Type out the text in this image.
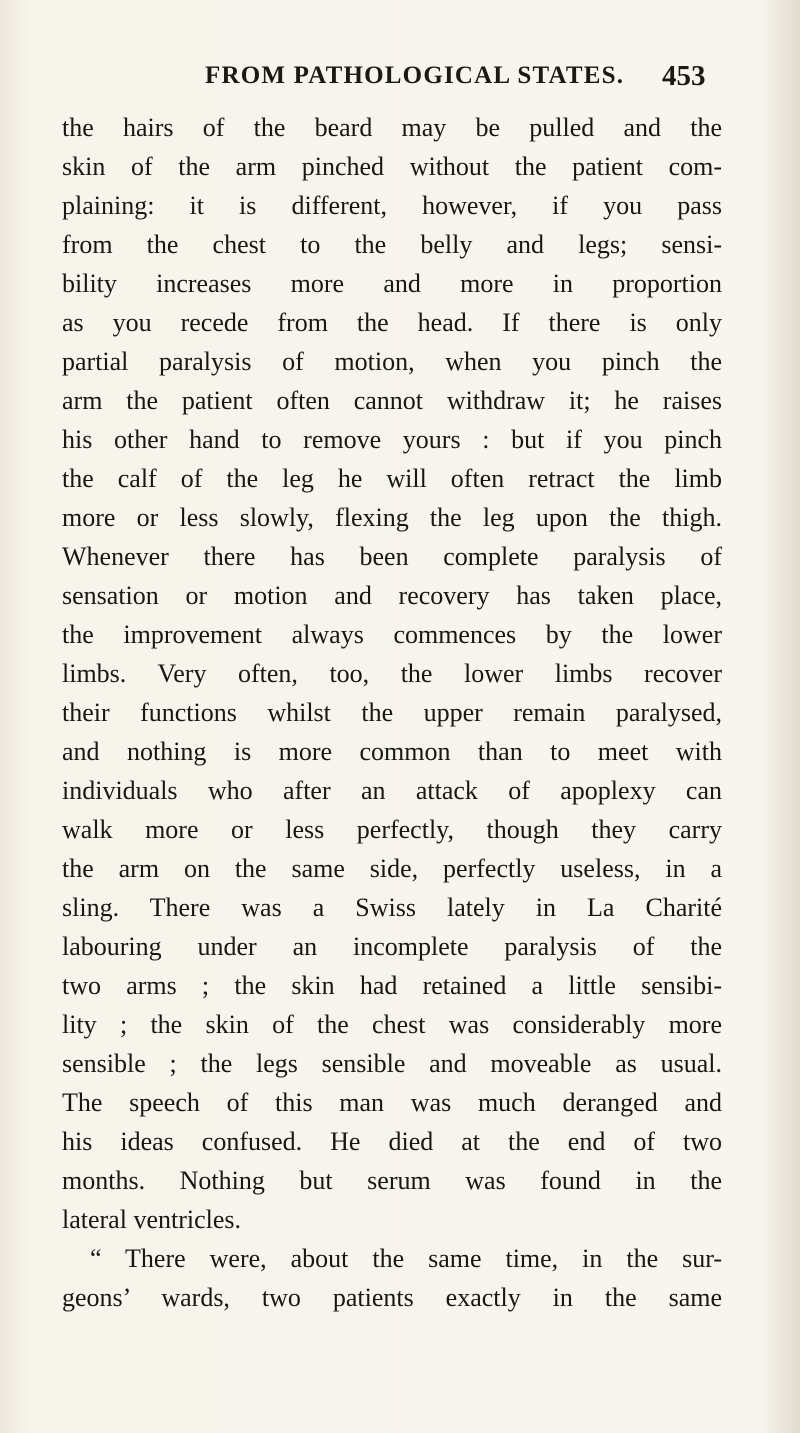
FROM PATHOLOGICAL STATES. 453
the hairs of the beard may be pulled and the
skin of the arm pinched without the patient com-
plaining: it is different, however, if you pass
from the chest to the belly and legs; sensi-
bility increases more and more in proportion
as you recede from the head. If there is only
partial paralysis of motion, when you pinch the
arm the patient often cannot withdraw it; he raises
his other hand to remove yours : but if you pinch
the calf of the leg he will often retract the limb
more or less slowly, flexing the leg upon the thigh.
Whenever there has been complete paralysis of
sensation or motion and recovery has taken place,
the improvement always commences by the lower
limbs. Very often, too, the lower limbs recover
their functions whilst the upper remain paralysed,
and nothing is more common than to meet with
individuals who after an attack of apoplexy can
walk more or less perfectly, though they carry
the arm on the same side, perfectly useless, in a
sling. There was a Swiss lately in La Charité
labouring under an incomplete paralysis of the
two arms ; the skin had retained a little sensibi-
lity ; the skin of the chest was considerably more
sensible ; the legs sensible and moveable as usual.
The speech of this man was much deranged and
his ideas confused. He died at the end of two
months. Nothing but serum was found in the
lateral ventricles.
“ There were, about the same time, in the sur-
geons’ wards, two patients exactly in the same
